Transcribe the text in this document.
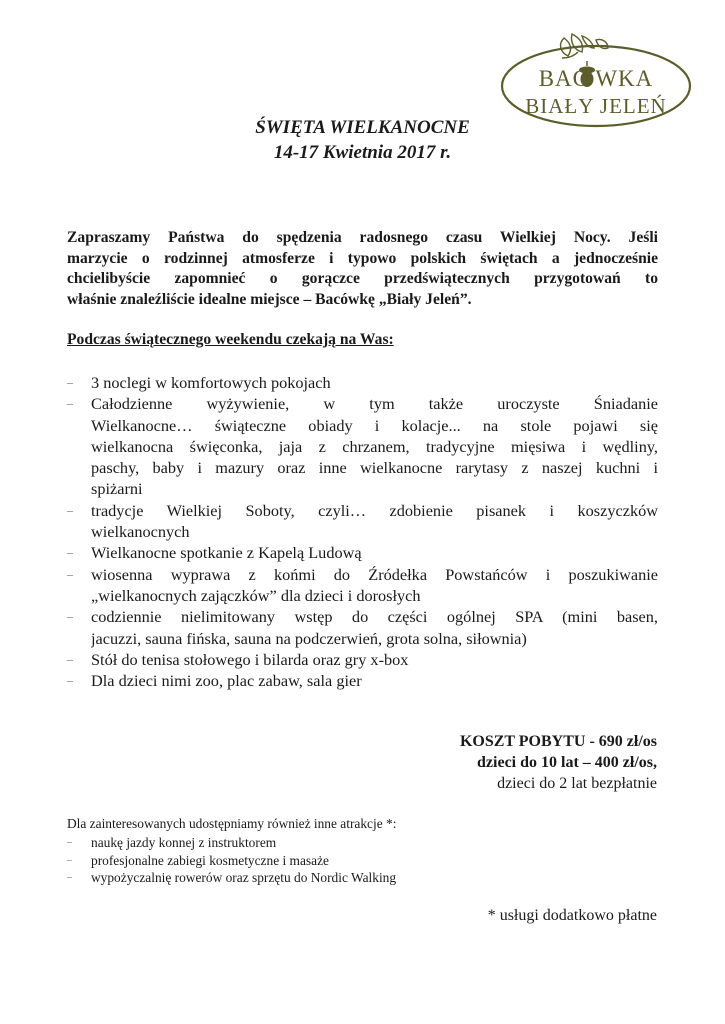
BAC WKA
BIAŁY JELEŃ
ŚWIĘTA WIELKANOCNE
14-17 Kwietnia 2017 r.
Zapraszamy Państwa do spędzenia radosnego czasu Wielkiej Nocy. Jeśli
marzycie o rodzinnej atmosferze i typowo polskich świętach a jednocześnie
chcielibyście zapomnieć o gorączce przedświątecznych przygotowań to
właśnie znaleźliście idealne miejsce – Bacówkę „Biały Jeleń”.
Podczas świątecznego weekendu czekają na Was:
– 3 noclegi w komfortowych pokojach
– Całodzienne wyżywienie, w tym także uroczyste Śniadanie
Wielkanocne… świąteczne obiady i kolacje... na stole pojawi się
wielkanocna święconka, jaja z chrzanem, tradycyjne mięsiwa i wędliny,
paschy, baby i mazury oraz inne wielkanocne rarytasy z naszej kuchni i
spiżarni
– tradycje Wielkiej Soboty, czyli… zdobienie pisanek i koszyczków
wielkanocnych
– Wielkanocne spotkanie z Kapelą Ludową
– wiosenna wyprawa z końmi do Źródełka Powstańców i poszukiwanie
„wielkanocnych zajączków” dla dzieci i dorosłych
– codziennie nielimitowany wstęp do części ogólnej SPA (mini basen,
jacuzzi, sauna fińska, sauna na podczerwień, grota solna, siłownia)
– Stół do tenisa stołowego i bilarda oraz gry x-box
– Dla dzieci nimi zoo, plac zabaw, sala gier
KOSZT POBYTU - 690 zł/os
dzieci do 10 lat – 400 zł/os,
dzieci do 2 lat bezpłatnie
Dla zainteresowanych udostępniamy również inne atrakcje *:
– naukę jazdy konnej z instruktorem
– profesjonalne zabiegi kosmetyczne i masaże
– wypożyczalnię rowerów oraz sprzętu do Nordic Walking
* usługi dodatkowo płatne
